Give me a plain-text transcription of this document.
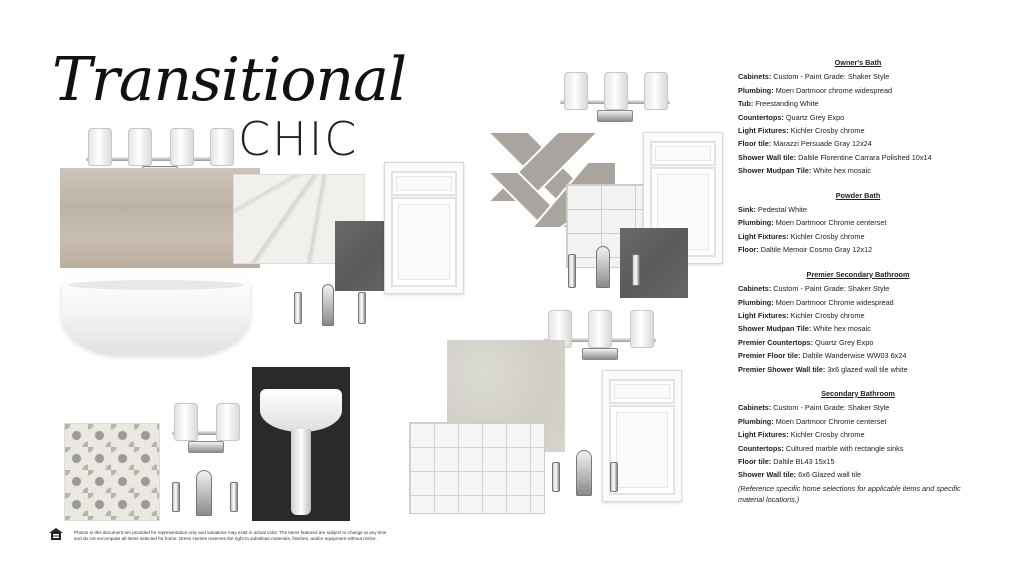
Transitional
CHIC
Owner's Bath
Cabinets: Custom - Paint Grade: Shaker Style
Plumbing: Moen Dartmoor chrome widespread
Tub: Freestanding White
Countertops: Quartz Grey Expo
Light Fixtures: Kichler Crosby chrome
Floor tile: Marazzi Persuade Gray 12x24
Shower Wall tile: Daltile Florentine Carrara Polished 10x14
Shower Mudpan Tile: White hex mosaic
Powder Bath
Sink: Pedestal White
Plumbing: Moen Dartmoor Chrome centerset
Light Fixtures: Kichler Crosby chrome
Floor: Daltile Memoir Cosmo Gray 12x12
Premier Secondary Bathroom
Cabinets: Custom - Paint Grade: Shaker Style
Plumbing: Moen Dartmoor Chrome widespread
Light Fixtures: Kichler Crosby chrome
Shower Mudpan Tile: White hex mosaic
Premier Countertops: Quartz Grey Expo
Premier Floor tile: Daltile Wanderwise WW03 6x24
Premier Shower Wall tile: 3x6 glazed wall tile white
Secondary Bathroom
Cabinets: Custom - Paint Grade: Shaker Style
Plumbing: Moen Dartmoor Chrome centerset
Light Fixtures: Kichler Crosby chrome
Countertops: Cultured marble with rectangle sinks
Floor tile: Daltile BL43 15x15
Shower Wall tile: 6x6 Glazed wall tile
(Reference specific home selections for applicable items and specific material locations.)
Photos in this document are provided for representation only and variations may exist in actual color. The items featured are subject to change at any time
and do not encompass all items selected for home. Drees Homes reserves the right to substitute materials, finishes, and/or equipment without notice.
